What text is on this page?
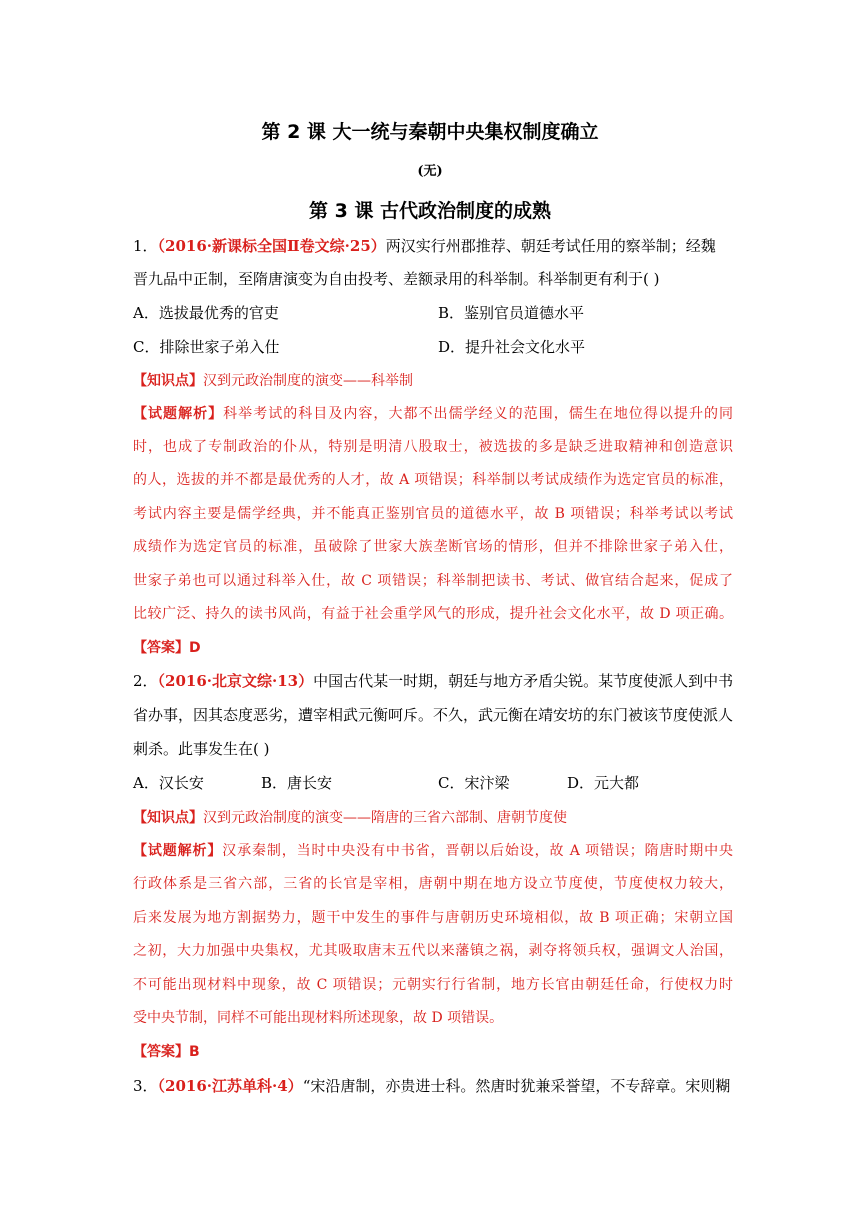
第 2 课 大一统与秦朝中央集权制度确立
(无)
第 3 课 古代政治制度的成熟
1．（2016·新课标全国Ⅱ卷文综·25）两汉实行州郡推荐、朝廷考试任用的察举制；经魏
晋九品中正制，至隋唐演变为自由投考、差额录用的科举制。科举制更有利于( )
A．选拔最优秀的官吏	B．鉴别官员道德水平
C．排除世家子弟入仕	D．提升社会文化水平
【知识点】汉到元政治制度的演变——科举制
【试题解析】科举考试的科目及内容，大都不出儒学经义的范围，儒生在地位得以提升的同
时，也成了专制政治的仆从，特别是明清八股取士，被选拔的多是缺乏进取精神和创造意识
的人，选拔的并不都是最优秀的人才，故 A 项错误；科举制以考试成绩作为选定官员的标准，
考试内容主要是儒学经典，并不能真正鉴别官员的道德水平，故 B 项错误；科举考试以考试
成绩作为选定官员的标准，虽破除了世家大族垄断官场的情形，但并不排除世家子弟入仕，
世家子弟也可以通过科举入仕，故 C 项错误；科举制把读书、考试、做官结合起来，促成了
比较广泛、持久的读书风尚，有益于社会重学风气的形成，提升社会文化水平，故 D 项正确。
【答案】D
2．（2016·北京文综·13）中国古代某一时期，朝廷与地方矛盾尖锐。某节度使派人到中书
省办事，因其态度恶劣，遭宰相武元衡呵斥。不久，武元衡在靖安坊的东门被该节度使派人
刺杀。此事发生在( )
A．汉长安	B．唐长安	C．宋汴梁	D．元大都
【知识点】汉到元政治制度的演变——隋唐的三省六部制、唐朝节度使
【试题解析】汉承秦制，当时中央没有中书省，晋朝以后始设，故 A 项错误；隋唐时期中央
行政体系是三省六部，三省的长官是宰相，唐朝中期在地方设立节度使，节度使权力较大，
后来发展为地方割据势力，题干中发生的事件与唐朝历史环境相似，故 B 项正确；宋朝立国
之初，大力加强中央集权，尤其吸取唐末五代以来藩镇之祸，剥夺将领兵权，强调文人治国，
不可能出现材料中现象，故 C 项错误；元朝实行行省制，地方长官由朝廷任命，行使权力时
受中央节制，同样不可能出现材料所述现象，故 D 项错误。
【答案】B
3．（2016·江苏单科·4）“宋沿唐制，亦贵进士科。然唐时犹兼采誉望，不专辞章。宋则糊
